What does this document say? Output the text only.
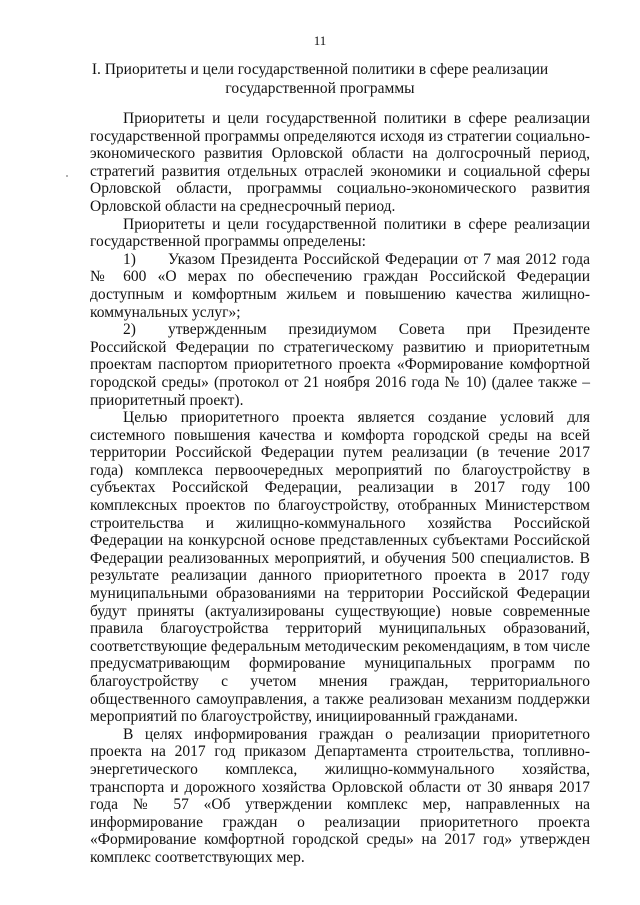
11
I. Приоритеты и цели государственной политики в сфере реализации
государственной программы

Приоритеты и цели государственной политики в сфере реализации государственной программы определяются исходя из стратегии социально-экономического развития Орловской области на долгосрочный период, стратегий развития отдельных отраслей экономики и социальной сферы Орловской области, программы социально-экономического развития Орловской области на среднесрочный период.

Приоритеты и цели государственной политики в сфере реализации государственной программы определены:

1) Указом Президента Российской Федерации от 7 мая 2012 года № 600 «О мерах по обеспечению граждан Российской Федерации доступным и комфортным жильем и повышению качества жилищно-коммунальных услуг»;

2) утвержденным президиумом Совета при Президенте Российской Федерации по стратегическому развитию и приоритетным проектам паспортом приоритетного проекта «Формирование комфортной городской среды» (протокол от 21 ноября 2016 года № 10) (далее также – приоритетный проект).

Целью приоритетного проекта является создание условий для системного повышения качества и комфорта городской среды на всей территории Российской Федерации путем реализации (в течение 2017 года) комплекса первоочередных мероприятий по благоустройству в субъектах Российской Федерации, реализации в 2017 году 100 комплексных проектов по благоустройству, отобранных Министерством строительства и жилищно-коммунального хозяйства Российской Федерации на конкурсной основе представленных субъектами Российской Федерации реализованных мероприятий, и обучения 500 специалистов. В результате реализации данного приоритетного проекта в 2017 году муниципальными образованиями на территории Российской Федерации будут приняты (актуализированы существующие) новые современные правила благоустройства территорий муниципальных образований, соответствующие федеральным методическим рекомендациям, в том числе предусматривающим формирование муниципальных программ по благоустройству с учетом мнения граждан, территориального общественного самоуправления, а также реализован механизм поддержки мероприятий по благоустройству, инициированный гражданами.

В целях информирования граждан о реализации приоритетного проекта на 2017 год приказом Департамента строительства, топливно-энергетического комплекса, жилищно-коммунального хозяйства, транспорта и дорожного хозяйства Орловской области от 30 января 2017 года № 57 «Об утверждении комплекс мер, направленных на информирование граждан о реализации приоритетного проекта «Формирование комфортной городской среды» на 2017 год» утвержден комплекс соответствующих мер.
